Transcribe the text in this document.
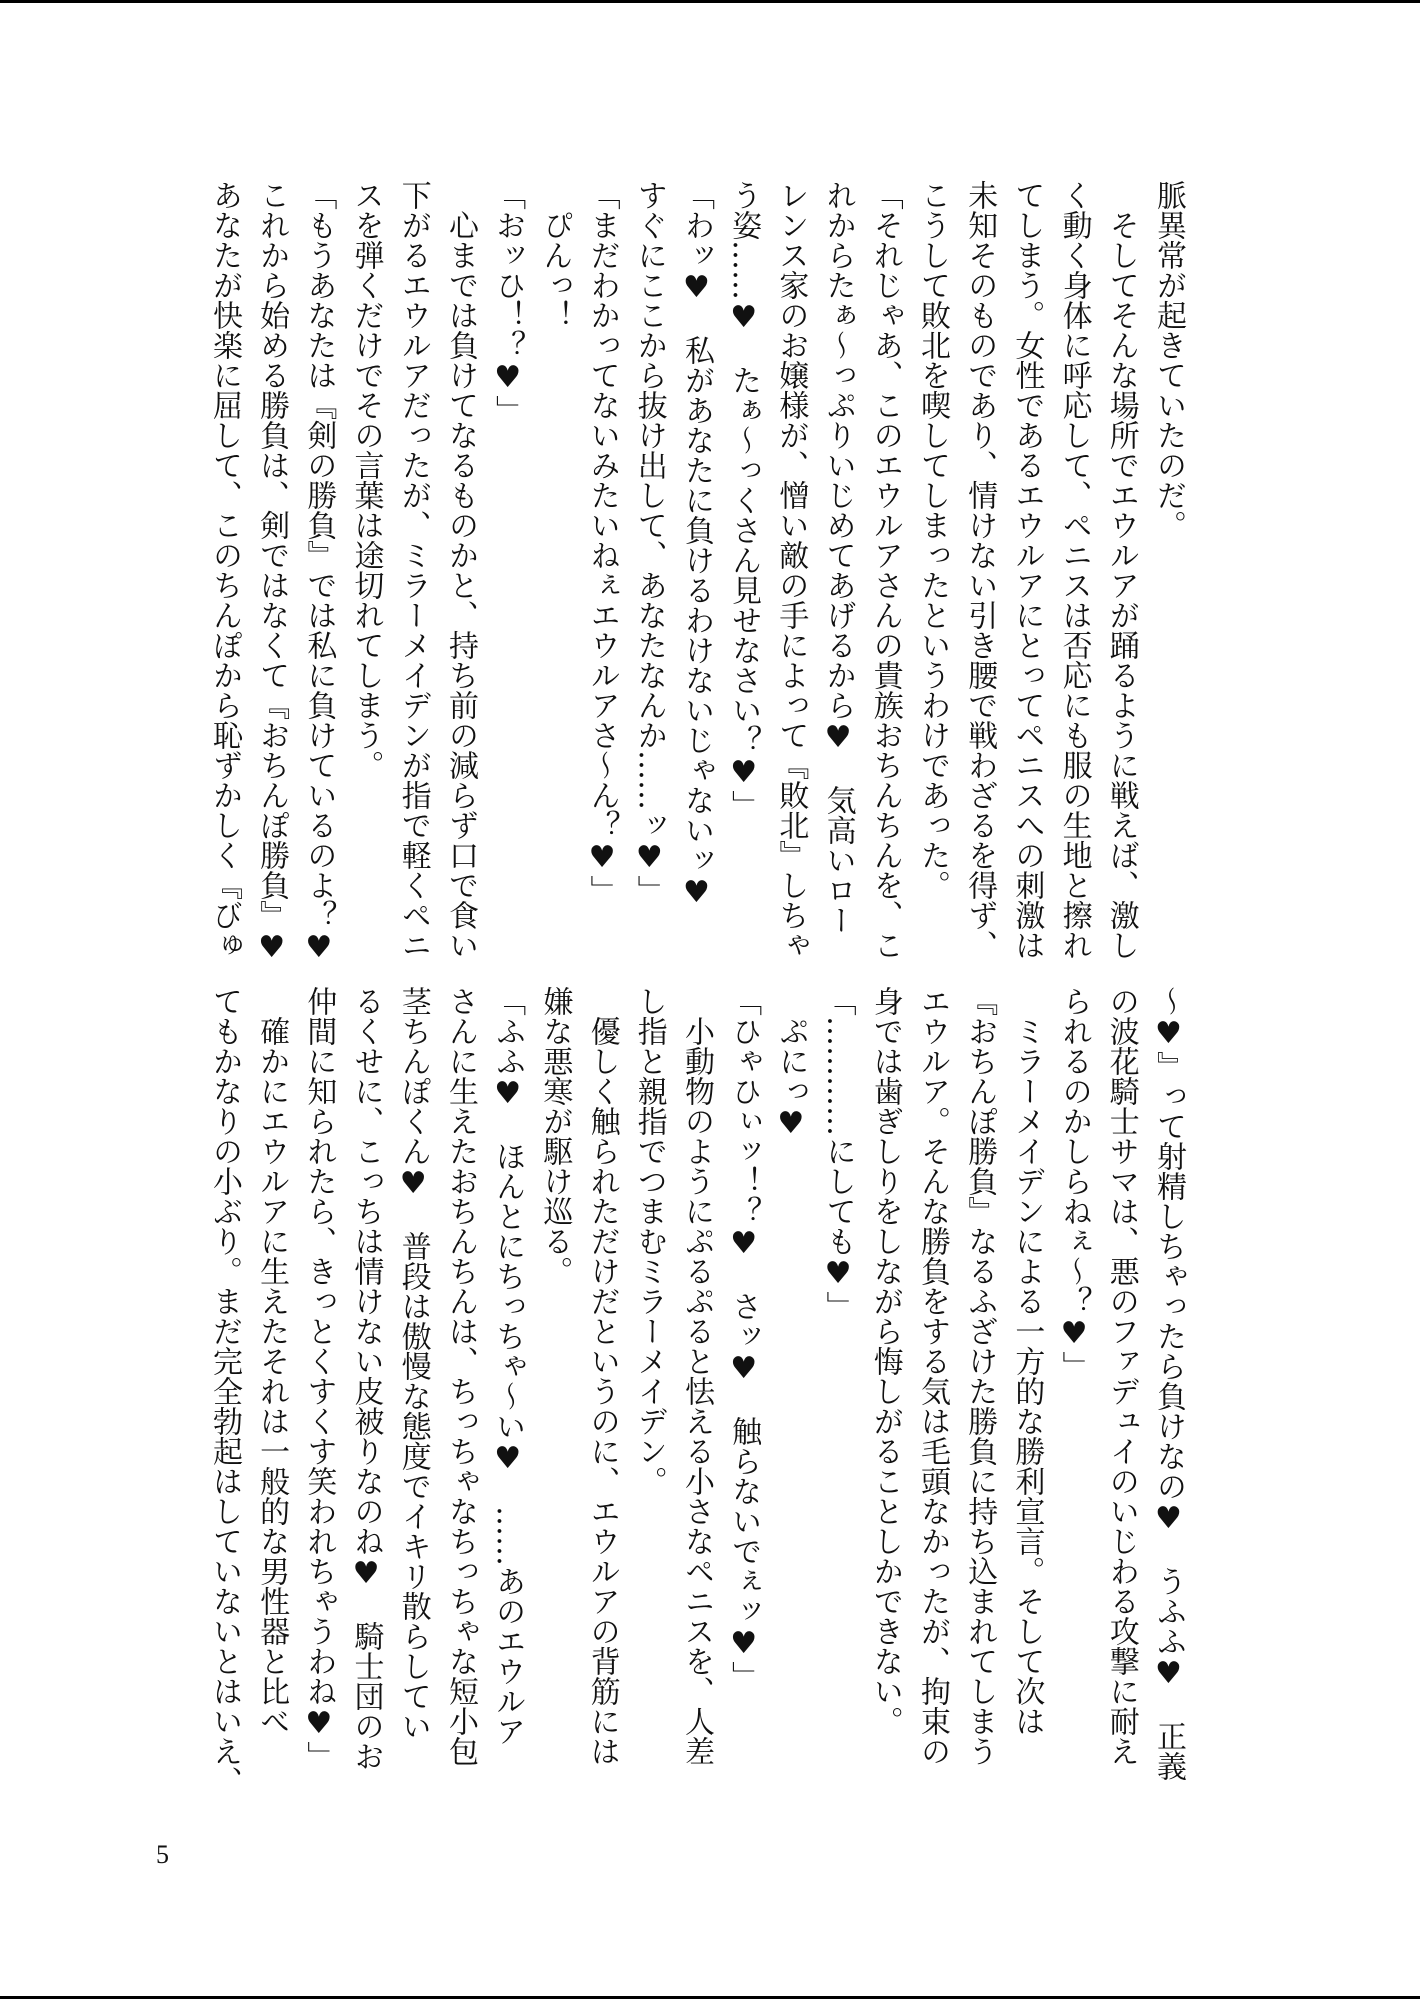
脈異常が起きていたのだ。
　そしてそんな場所でエウルアが踊るように戦えば、激し
く動く身体に呼応して、ペニスは否応にも服の生地と擦れ
てしまう。女性であるエウルアにとってペニスへの刺激は
未知そのものであり、情けない引き腰で戦わざるを得ず、
こうして敗北を喫してしまったというわけであった。
「それじゃあ、このエウルアさんの貴族おちんちんを、こ
れからたぁ～っぷりいじめてあげるから♥　気高いロー
レンス家のお嬢様が、憎い敵の手によって『敗北』しちゃ
う姿……♥　たぁ～っくさん見せなさい？♥」
「わッ♥　私があなたに負けるわけないじゃないッ♥
すぐにここから抜け出して、あなたなんか……ッ♥」
「まだわかってないみたいねぇエウルアさ～ん？♥」
　ぴんっ！
「おッひ！？♥」
　心までは負けてなるものかと、持ち前の減らず口で食い
下がるエウルアだったが、ミラーメイデンが指で軽くペニ
スを弾くだけでその言葉は途切れてしまう。
「もうあなたは『剣の勝負』では私に負けているのよ？♥
これから始める勝負は、剣ではなくて『おちんぽ勝負』♥
あなたが快楽に屈して、このちんぽから恥ずかしく『びゅ
～♥』って射精しちゃったら負けなの♥　うふふ♥　正義
の波花騎士サマは、悪のファデュイのいじわる攻撃に耐え
られるのかしらねぇ～？♥」
　ミラーメイデンによる一方的な勝利宣言。そして次は
『おちんぽ勝負』なるふざけた勝負に持ち込まれてしまう
エウルア。そんな勝負をする気は毛頭なかったが、拘束の
身では歯ぎしりをしながら悔しがることしかできない。
「…………にしても♥」
　ぷにっ♥
「ひゃひぃッ！？♥　さッ♥　触らないでぇッ♥」
　小動物のようにぷるぷると怯える小さなペニスを、人差
し指と親指でつまむミラーメイデン。
　優しく触られただけだというのに、エウルアの背筋には
嫌な悪寒が駆け巡る。
「ふふ♥　ほんとにちっちゃ～い♥　……あのエウルア
さんに生えたおちんちんは、ちっちゃなちっちゃな短小包
茎ちんぽくん♥　普段は傲慢な態度でイキリ散らしてい
るくせに、こっちは情けない皮被りなのね♥　騎士団のお
仲間に知られたら、きっとくすくす笑われちゃうわね♥」
　確かにエウルアに生えたそれは一般的な男性器と比べ
てもかなりの小ぶり。まだ完全勃起はしていないとはいえ、
5
